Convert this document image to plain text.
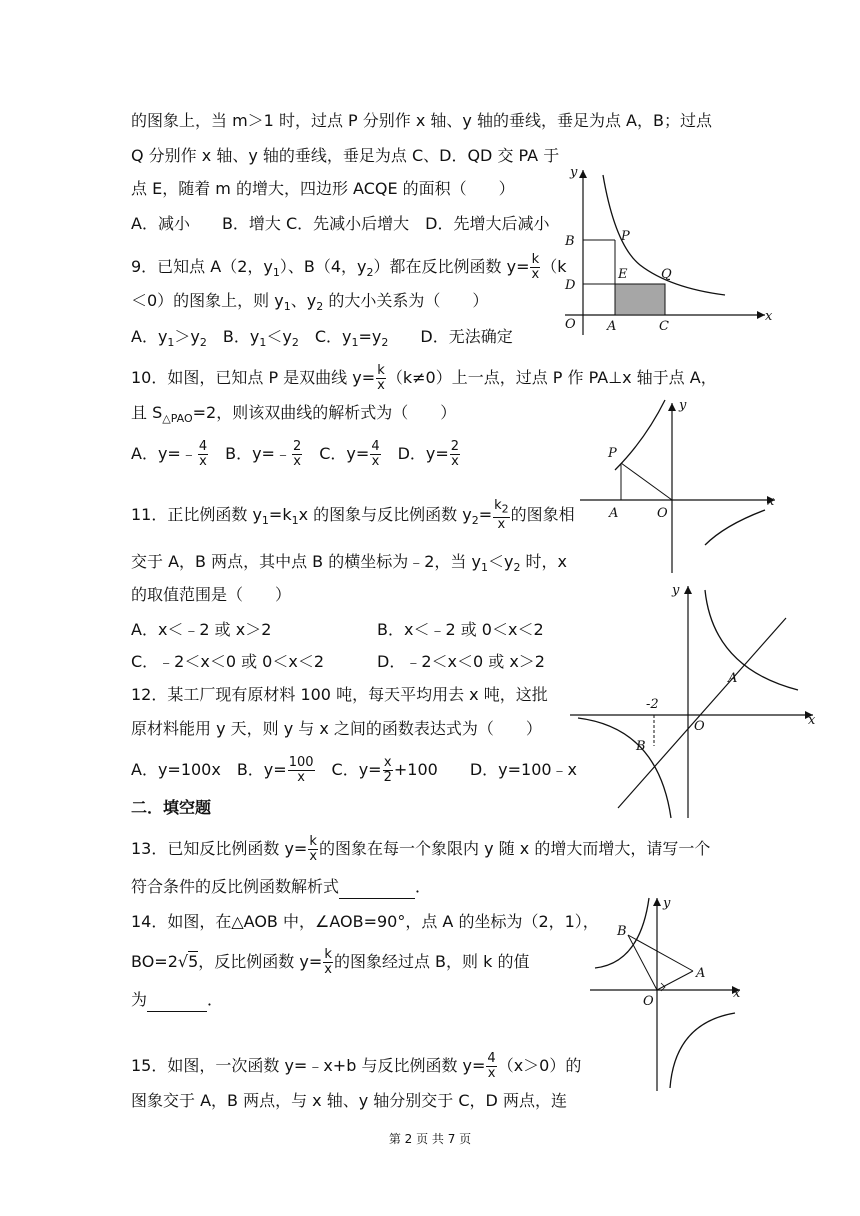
的图象上，当 m＞1 时，过点 P 分别作 x 轴、y 轴的垂线，垂足为点 A，B；过点
Q 分别作 x 轴、y 轴的垂线，垂足为点 C、D．QD 交 PA 于
点 E，随着 m 的增大，四边形 ACQE 的面积（　　）
A．减小　　B．增大 C．先减小后增大　D．先增大后减小
9．已知点 A（2，$y_1$）、B（4，$y_2$）都在反比例函数 $y= \frac{k}{x} (k$
＜0）的图象上，则 $y_1$、$y_2$ 的大小关系为（　　）
A．$y_1>y_2$　B．$y_1<y_2$　C．$y_1=y_2$　　D．无法确定
y
B	P
E	Q
D
O A	C
x
10．如图，已知点 P 是双曲线 $y= \frac{k}{x} (k\ne 0)$上一点，过点 P 作 PA⊥x 轴于点 A，
且 $S_{\triangle PAO}=2$，则该双曲线的解析式为（　　）
A．y=﹣ $\frac{4}{x}$ 　B．y=﹣ $\frac{2}{x}$ 　C．$y= \frac{4}{x}$ 　D．$y= \frac{2}{x}$
y
P
A	O
x
11．正比例函数 $y_1=k_1x$ 的图象与反比例函数 $y_2= \frac{k_2}{x}$ 的图象相
交于 A，B 两点，其中点 B 的横坐标为﹣2，当 $y_1<y_2$ 时，x
的取值范围是（　　）
A．x＜﹣2 或 x＞2	B．x＜﹣2 或 0＜x＜2
C．﹣2＜x＜0 或 0＜x＜2	D．﹣2＜x＜0 或 x＞2
y
-2
A
O	x
B
12．某工厂现有原材料 100 吨，每天平均用去 x 吨，这批
原材料能用 y 天，则 y 与 x 之间的函数表达式为（　　）
A．y=100x　B．$y= \frac{100}{x}$ 　C．$y= \frac{x}{2} +100$　　D．y=100﹣x
二．填空题
13．已知反比例函数 $y= \frac{k}{x}$ 的图象在每一个象限内 y 随 x 的增大而增大，请写一个
符合条件的反比例函数解析式	．
14．如图，在△AOB 中，∠AOB=90°，点 A 的坐标为（2，1），
BO=2√5，反比例函数 $y= \frac{k}{x}$ 的图象经过点 B，则 k 的值
为	．
y
B
A
O
x
15．如图，一次函数 y=﹣x+b 与反比例函数 $y= \frac{4}{x} (x>0)$的
图象交于 A，B 两点，与 x 轴、y 轴分别交于 C，D 两点，连
第 2 页 共 7 页
